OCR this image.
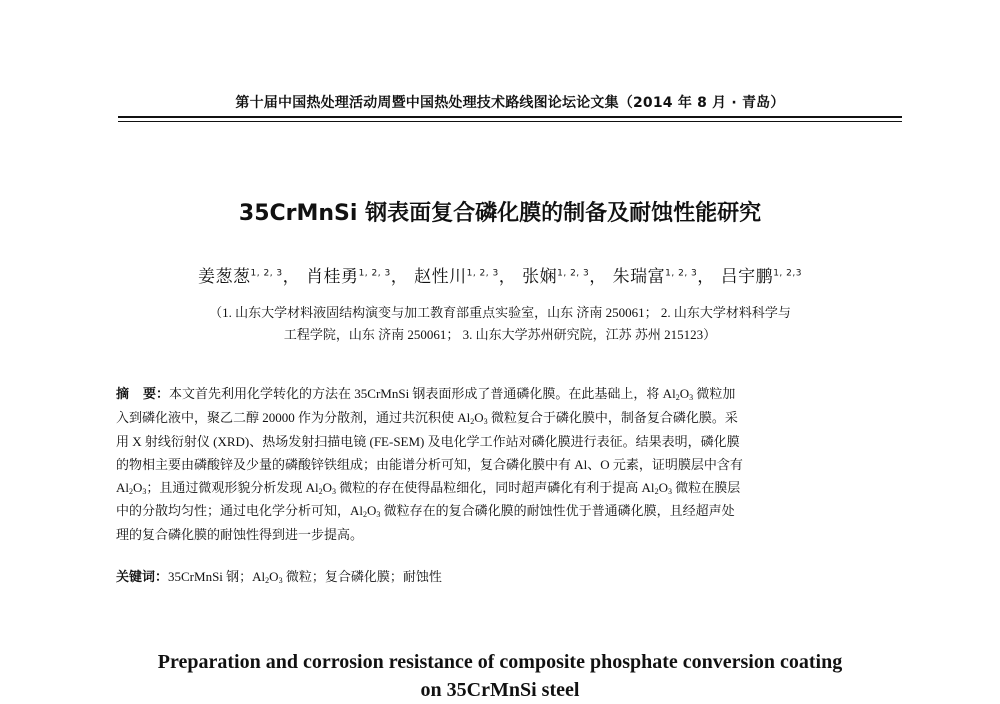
第十届中国热处理活动周暨中国热处理技术路线图论坛论文集（2014 年 8 月 · 青岛）
35CrMnSi 钢表面复合磷化膜的制备及耐蚀性能研究
姜葱葱$^{1, 2, 3}$， 肖桂勇$^{1, 2, 3}$， 赵性川$^{1, 2, 3}$， 张娴$^{1, 2, 3}$， 朱瑞富$^{1, 2, 3}$， 吕宇鹏$^{1, 2,3}$
（1. 山东大学材料液固结构演变与加工教育部重点实验室，山东 济南 250061； 2. 山东大学材料科学与
工程学院，山东 济南 250061； 3. 山东大学苏州研究院，江苏 苏州 215123）
摘 要：本文首先利用化学转化的方法在 35CrMnSi 钢表面形成了普通磷化膜。在此基础上，将 $Al_2O_3$ 微粒加
入到磷化液中，聚乙二醇 20000 作为分散剂，通过共沉积使 $Al_2O_3$ 微粒复合于磷化膜中，制备复合磷化膜。采
用 X 射线衍射仪 (XRD)、热场发射扫描电镜 (FE-SEM) 及电化学工作站对磷化膜进行表征。结果表明，磷化膜
的物相主要由磷酸锌及少量的磷酸锌铁组成；由能谱分析可知，复合磷化膜中有 Al、O 元素，证明膜层中含有
$Al_2O_3$；且通过微观形貌分析发现 $Al_2O_3$ 微粒的存在使得晶粒细化，同时超声磷化有利于提高 $Al_2O_3$ 微粒在膜层
中的分散均匀性；通过电化学分析可知，$Al_2O_3$ 微粒存在的复合磷化膜的耐蚀性优于普通磷化膜，且经超声处
理的复合磷化膜的耐蚀性得到进一步提高。
关键词：35CrMnSi 钢；$Al_2O_3$ 微粒；复合磷化膜；耐蚀性
Preparation and corrosion resistance of composite phosphate conversion coating
on 35CrMnSi steel
